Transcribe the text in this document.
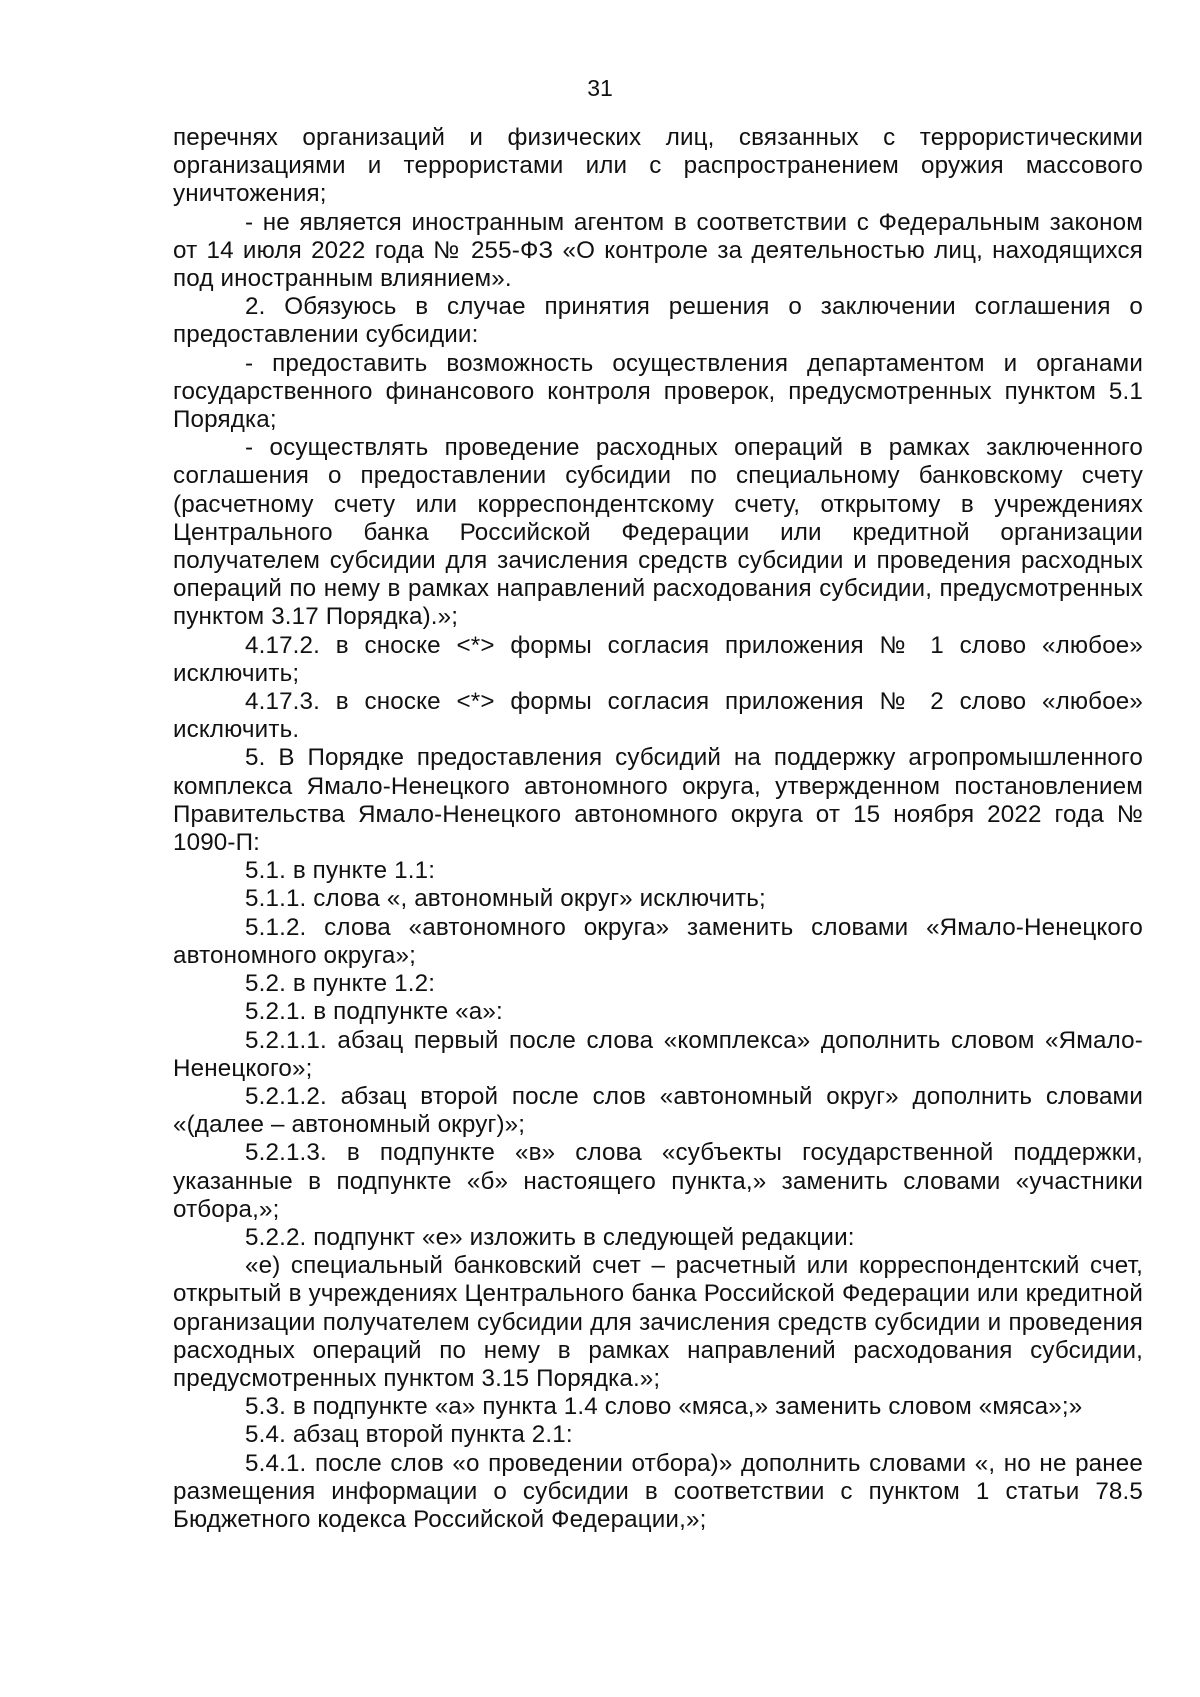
31

перечнях организаций и физических лиц, связанных с террористическими организациями и террористами или с распространением оружия массового уничтожения;

- не является иностранным агентом в соответствии с Федеральным законом от 14 июля 2022 года № 255-ФЗ «О контроле за деятельностью лиц, находящихся под иностранным влиянием».

2. Обязуюсь в случае принятия решения о заключении соглашения о предоставлении субсидии:

- предоставить возможность осуществления департаментом и органами государственного финансового контроля проверок, предусмотренных пунктом 5.1 Порядка;

- осуществлять проведение расходных операций в рамках заключенного соглашения о предоставлении субсидии по специальному банковскому счету (расчетному счету или корреспондентскому счету, открытому в учреждениях Центрального банка Российской Федерации или кредитной организации получателем субсидии для зачисления средств субсидии и проведения расходных операций по нему в рамках направлений расходования субсидии, предусмотренных пунктом 3.17 Порядка).»;

4.17.2. в сноске <*> формы согласия приложения № 1 слово «любое» исключить;

4.17.3. в сноске <*> формы согласия приложения № 2 слово «любое» исключить.

5. В Порядке предоставления субсидий на поддержку агропромышленного комплекса Ямало-Ненецкого автономного округа, утвержденном постановлением Правительства Ямало-Ненецкого автономного округа от 15 ноября 2022 года № 1090-П:

5.1. в пункте 1.1:

5.1.1. слова «, автономный округ» исключить;

5.1.2. слова «автономного округа» заменить словами «Ямало-Ненецкого автономного округа»;

5.2. в пункте 1.2:

5.2.1. в подпункте «а»:

5.2.1.1. абзац первый после слова «комплекса» дополнить словом «Ямало-Ненецкого»;

5.2.1.2. абзац второй после слов «автономный округ» дополнить словами «(далее – автономный округ)»;

5.2.1.3. в подпункте «в» слова «субъекты государственной поддержки, указанные в подпункте «б» настоящего пункта,» заменить словами «участники отбора,»;

5.2.2. подпункт «е» изложить в следующей редакции:

«е) специальный банковский счет – расчетный или корреспондентский счет, открытый в учреждениях Центрального банка Российской Федерации или кредитной организации получателем субсидии для зачисления средств субсидии и проведения расходных операций по нему в рамках направлений расходования субсидии, предусмотренных пунктом 3.15 Порядка.»;

5.3. в подпункте «а» пункта 1.4 слово «мяса,» заменить словом «мяса»;»

5.4. абзац второй пункта 2.1:

5.4.1. после слов «о проведении отбора)» дополнить словами «, но не ранее размещения информации о субсидии в соответствии с пунктом 1 статьи 78.5 Бюджетного кодекса Российской Федерации,»;
